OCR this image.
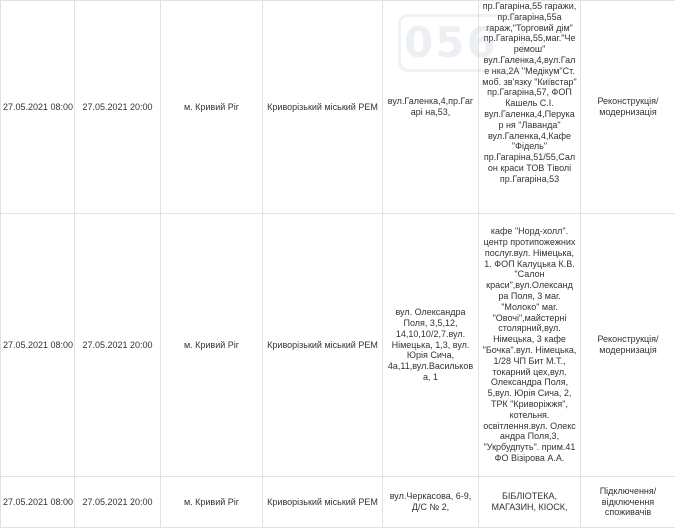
27.05.2021 08:00	27.05.2021 20:00	м. Кривий Ріг	Криворізький міський РЕМ	вул.Галенка,4,пр.Гагарі на,53,	пр.Гагаріна,55 гаражи, пр.Гагаріна,55а гараж,"Торговий дім" пр.Гагаріна,55,маг."Че ремош" вул.Галенка,4,вул.Гале нка,2А "Медікум"Ст. моб. зв'язку "Київстар" пр.Гагаріна,57, ФОП Кашель С.І. вул.Галенка,4,Перукар ня "Лаванда" вул.Галенка,4,Кафе "Фідель" пр.Гагаріна,51/55,Сал он краси ТОВ Тіволі пр.Гагаріна,53	Реконструкція/ модернизація
27.05.2021 08:00	27.05.2021 20:00	м. Кривий Ріг	Криворізький міський РЕМ	вул. Олександра Поля, 3,5,12, 14,10,10/2,7.вул. Німецька, 1,3, вул. Юрія Сича, 4а,11,вул.Васильковa, 1	кафе "Норд-холл". центр протипожежних послуг.вул. Німецька, 1. ФОП Калуцька К.В. "Салон краси",вул.Олександ ра Поля, 3 маг. "Молоко" маг. "Овочі",майстерні столярний,вул. Німецька, 3 кафе "Бочка".вул. Німецька, 1/28 ЧП Бит М.Т., токарний цех,вул. Олександра Поля, 5,вул. Юрія Сича, 2, ТРК "Криворіжжя", котельня. освітлення.вул. Олекс андра Поля,3, "Укрбудпуть". прим.41 ФО Візірова А.А.	Реконструкція/ модернизація
27.05.2021 08:00	27.05.2021 20:00	м. Кривий Ріг	Криворізький міський РЕМ	вул.Черкасова, 6-9, Д/С № 2,	БІБЛІОТЕКА, МАГАЗИН, КІОСК,	Підключення/ відключення споживачів
056
